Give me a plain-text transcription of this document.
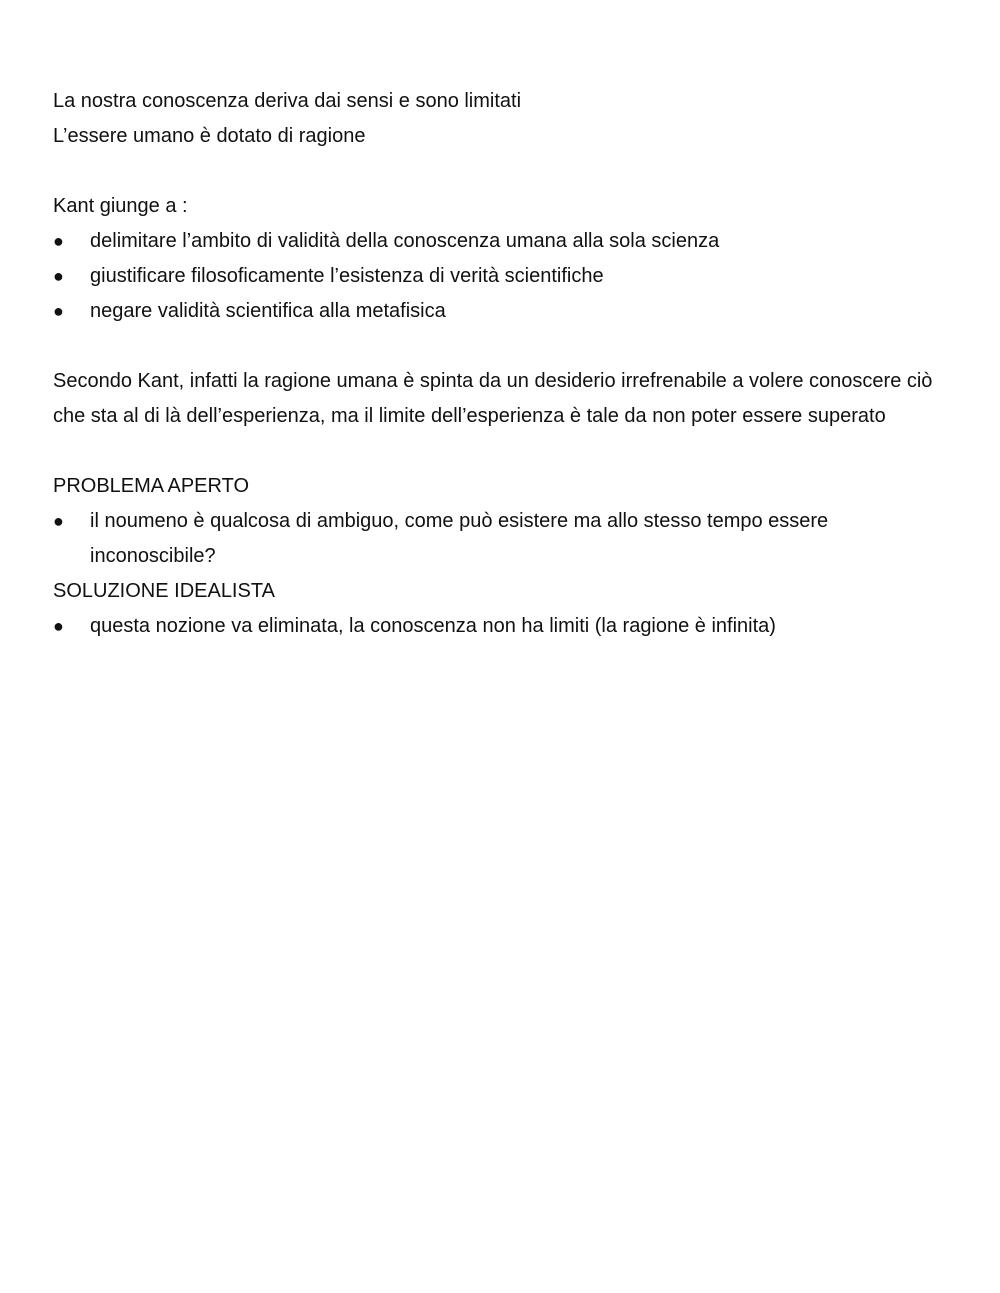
La nostra conoscenza deriva dai sensi e sono limitati

L’essere umano è dotato di ragione

Kant giunge a :

● delimitare l’ambito di validità della conoscenza umana alla sola scienza
● giustificare filosoficamente l’esistenza di verità scientifiche
● negare validità scientifica alla metafisica

Secondo Kant, infatti la ragione umana è spinta da un desiderio irrefrenabile a volere conoscere ciò che sta al di là dell’esperienza, ma il limite dell’esperienza è tale da non poter essere superato

PROBLEMA APERTO

● il noumeno è qualcosa di ambiguo, come può esistere ma allo stesso tempo essere inconoscibile?

SOLUZIONE IDEALISTA

● questa nozione va eliminata, la conoscenza non ha limiti (la ragione è infinita)
